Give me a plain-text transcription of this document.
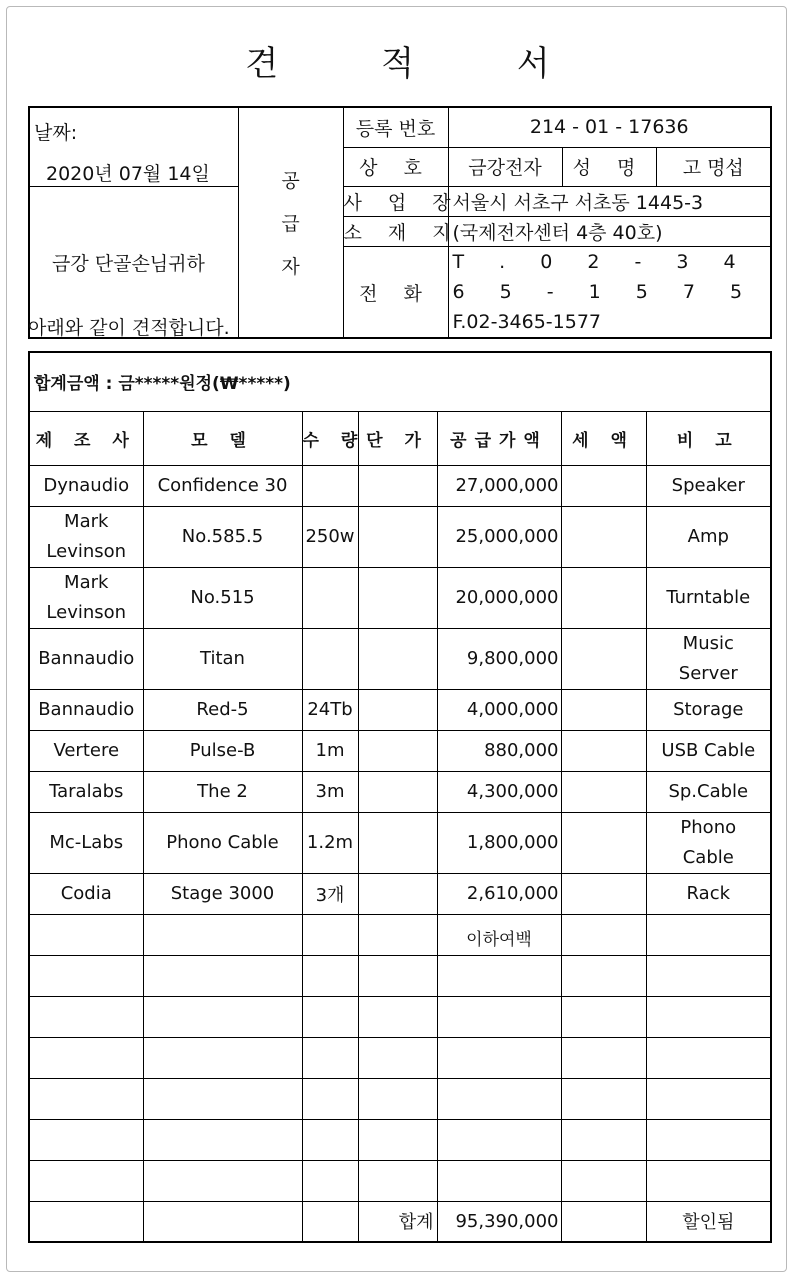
견 적 서
날짜:
2020년 07월 14일	공
급
자	등록 번호	214 - 01 - 17636		
		상 호	금강전자	성 명	고 명섭
금강 단골손님귀하		사 업 장	서울시 서초구 서초동 1445-3		
		소 재 지	(국제전자센터 4층 40호)		
		전 화	T . 0 2 - 3 4 6 5 - 1 5 7 5
F.02-3465-1577		
아래와 같이 견적합니다.
합계금액 : 금*****원정(₩*****)						
제 조 사	모 델	수 량	단 가	공급가액	세 액	비 고
Dynaudio	Confidence 30			27,000,000		Speaker

Mark
Levinson	No.585.5	250w		25,000,000		Amp

Mark
Levinson	No.515			20,000,000		Turntable
Bannaudio	Titan			9,800,000		Music
Server

Bannaudio	Red-5	24Tb		4,000,000		Storage
Vertere	Pulse-B	1m		880,000		USB Cable
Taralabs	The 2	3m		4,300,000		Sp.Cable
Mc-Labs	Phono Cable	1.2m		1,800,000		Phono
Cable

Codia	Stage 3000	3개		2,610,000		Rack
				이하여백		

			합계	95,390,000		할인됨
